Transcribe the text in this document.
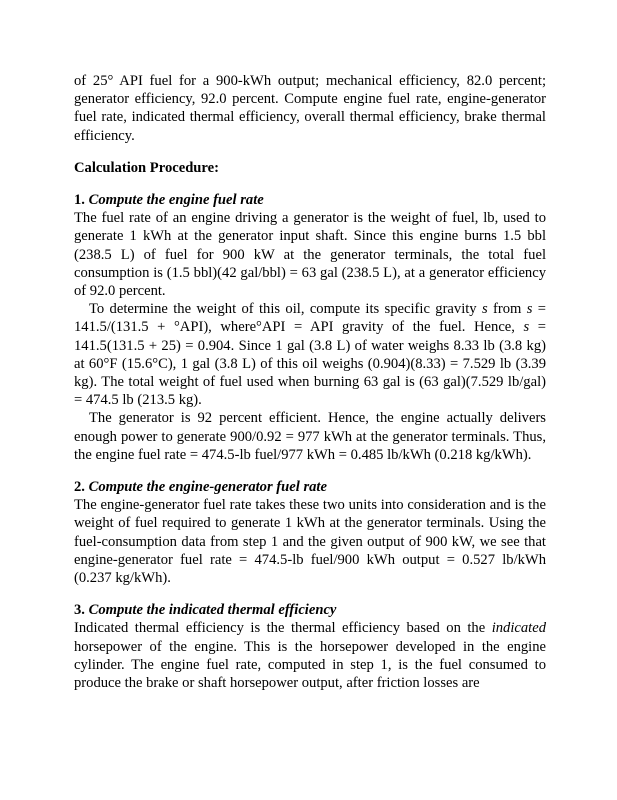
of 25° API fuel for a 900-kWh output; mechanical efficiency, 82.0 percent; generator efficiency, 92.0 percent. Compute engine fuel rate, engine-generator fuel rate, indicated thermal efficiency, overall thermal efficiency, brake thermal efficiency.

Calculation Procedure:

1. Compute the engine fuel rate

The fuel rate of an engine driving a generator is the weight of fuel, lb, used to generate 1 kWh at the generator input shaft. Since this engine burns 1.5 bbl (238.5 L) of fuel for 900 kW at the generator terminals, the total fuel consumption is (1.5 bbl)(42 gal/bbl) = 63 gal (238.5 L), at a generator efficiency of 92.0 percent.

To determine the weight of this oil, compute its specific gravity s from s = 141.5/(131.5 + °API), where°API = API gravity of the fuel. Hence, s = 141.5(131.5 + 25) = 0.904. Since 1 gal (3.8 L) of water weighs 8.33 lb (3.8 kg) at 60°F (15.6°C), 1 gal (3.8 L) of this oil weighs (0.904)(8.33) = 7.529 lb (3.39 kg). The total weight of fuel used when burning 63 gal is (63 gal)(7.529 lb/gal) = 474.5 lb (213.5 kg).

The generator is 92 percent efficient. Hence, the engine actually delivers enough power to generate 900/0.92 = 977 kWh at the generator terminals. Thus, the engine fuel rate = 474.5-lb fuel/977 kWh = 0.485 lb/kWh (0.218 kg/kWh).

2. Compute the engine-generator fuel rate

The engine-generator fuel rate takes these two units into consideration and is the weight of fuel required to generate 1 kWh at the generator terminals. Using the fuel-consumption data from step 1 and the given output of 900 kW, we see that engine-generator fuel rate = 474.5-lb fuel/900 kWh output = 0.527 lb/kWh (0.237 kg/kWh).

3. Compute the indicated thermal efficiency

Indicated thermal efficiency is the thermal efficiency based on the indicated horsepower of the engine. This is the horsepower developed in the engine cylinder. The engine fuel rate, computed in step 1, is the fuel consumed to produce the brake or shaft horsepower output, after friction losses are
